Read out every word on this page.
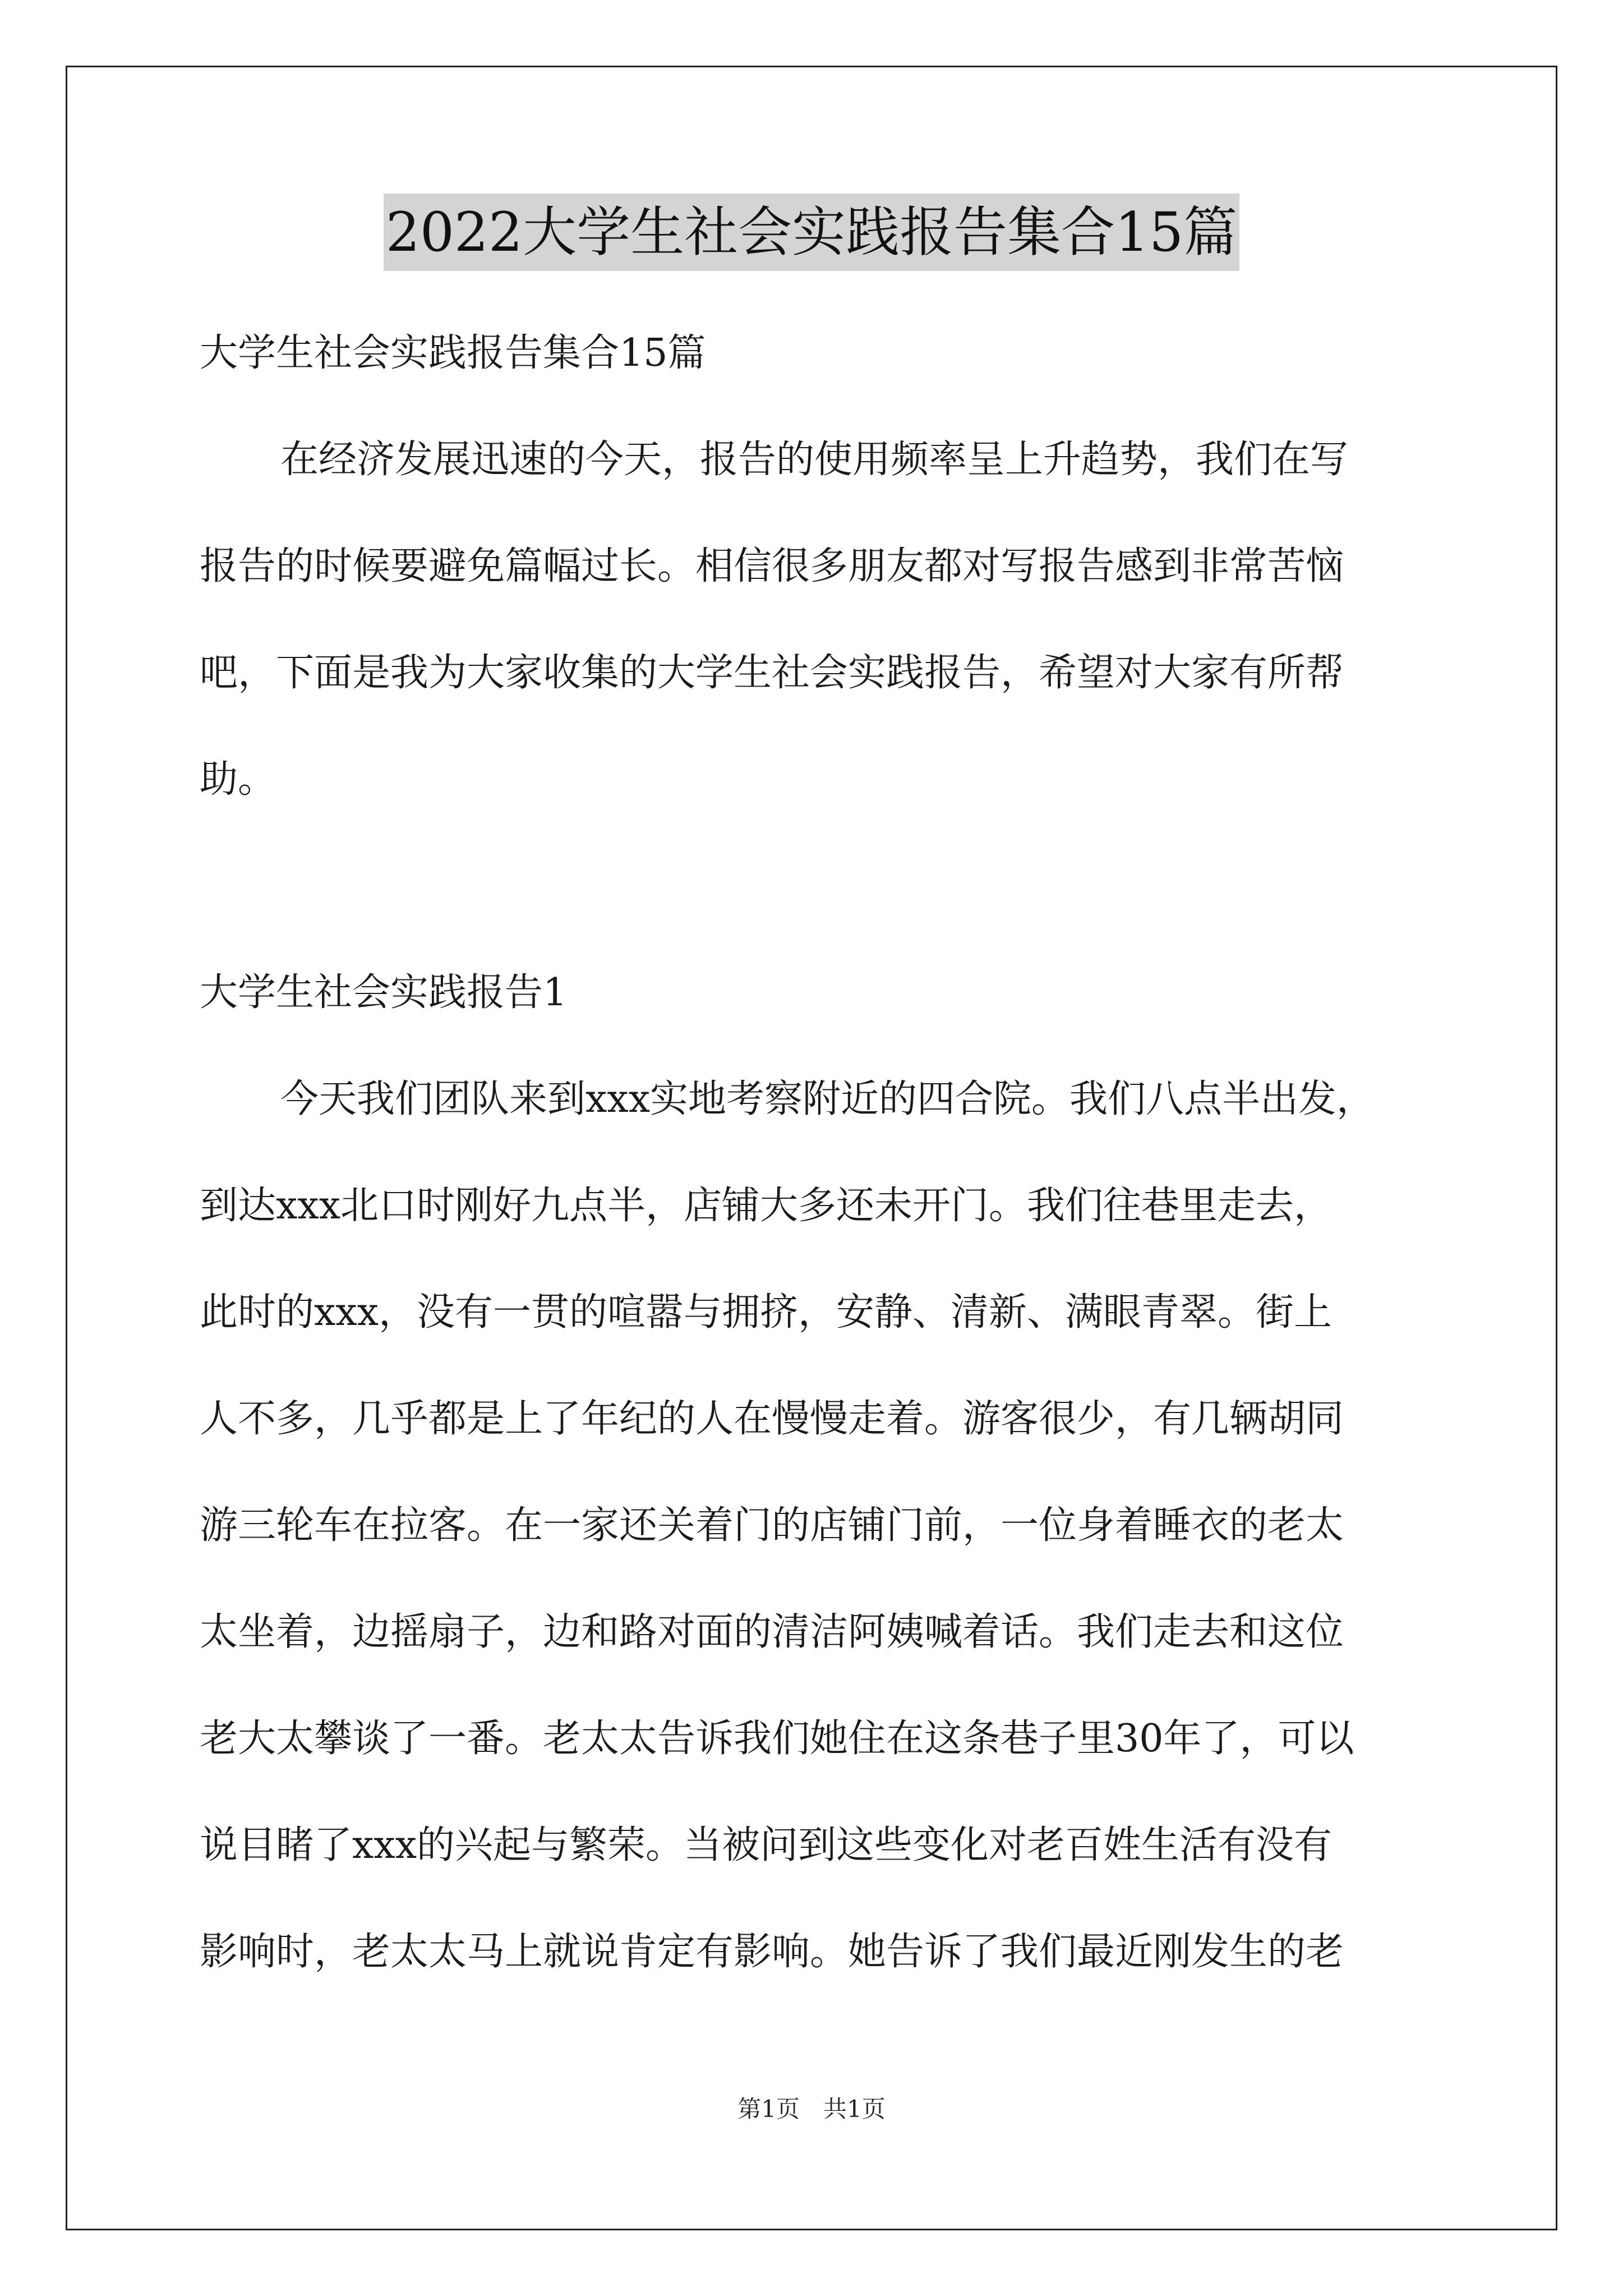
2022大学生社会实践报告集合15篇
大学生社会实践报告集合15篇
在经济发展迅速的今天，报告的使用频率呈上升趋势，我们在写
报告的时候要避免篇幅过长。相信很多朋友都对写报告感到非常苦恼
吧，下面是我为大家收集的大学生社会实践报告，希望对大家有所帮
助。
大学生社会实践报告1
今天我们团队来到xxx实地考察附近的四合院。我们八点半出发，
到达xxx北口时刚好九点半，店铺大多还未开门。我们往巷里走去，
此时的xxx，没有一贯的喧嚣与拥挤，安静、清新、满眼青翠。街上
人不多，几乎都是上了年纪的人在慢慢走着。游客很少，有几辆胡同
游三轮车在拉客。在一家还关着门的店铺门前，一位身着睡衣的老太
太坐着，边摇扇子，边和路对面的清洁阿姨喊着话。我们走去和这位
老大太攀谈了一番。老太太告诉我们她住在这条巷子里30年了，可以
说目睹了xxx的兴起与繁荣。当被问到这些变化对老百姓生活有没有
影响时，老太太马上就说肯定有影响。她告诉了我们最近刚发生的老
第1页　共1页
